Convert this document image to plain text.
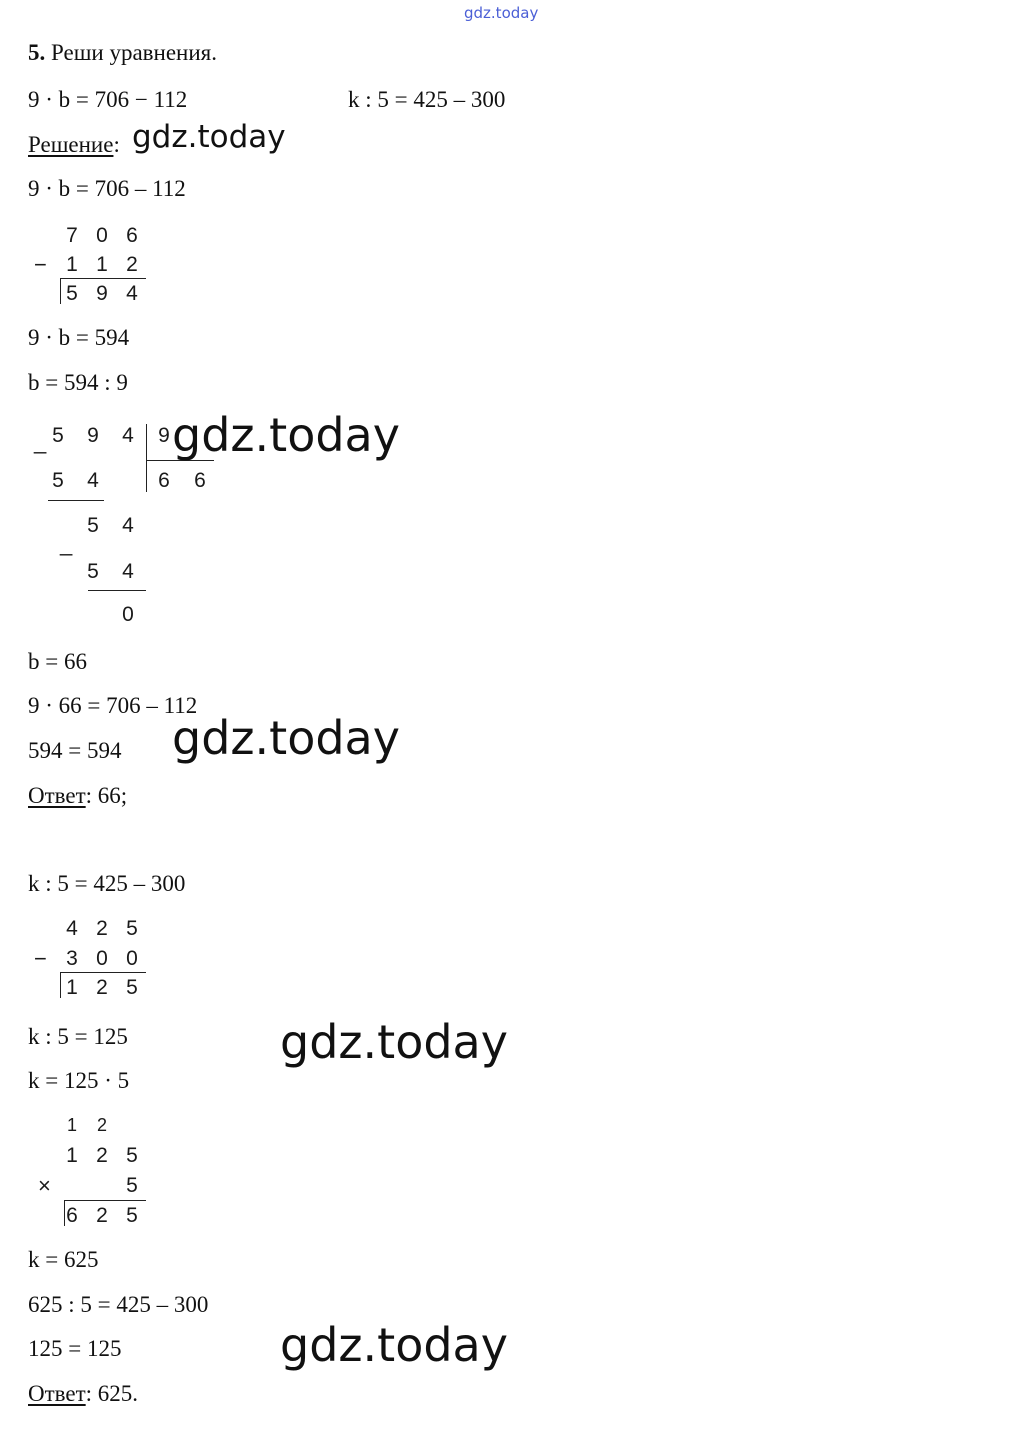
gdz.today
5. Реши уравнения.
9 · b = 706 − 112	k : 5 = 425 – 300
Решение: gdz.today
9 · b = 706 – 112
7 0 6
− 1 1 2
5 9 4
9 · b = 594
b = 594 : 9
_ 5 9 4 9
6 6
5 4
_
5 4
5 4
0
gdz.today
b = 66
9 · 66 = 706 – 112
594 = 594 gdz.today
Ответ: 66;
k : 5 = 425 – 300
4 2 5
− 3 0 0
1 2 5
k : 5 = 125	gdz.today
k = 125 · 5
1 2
1 2 5
×	5
6 2 5
k = 625
625 : 5 = 425 – 300
125 = 125	gdz.today
Ответ: 625.
